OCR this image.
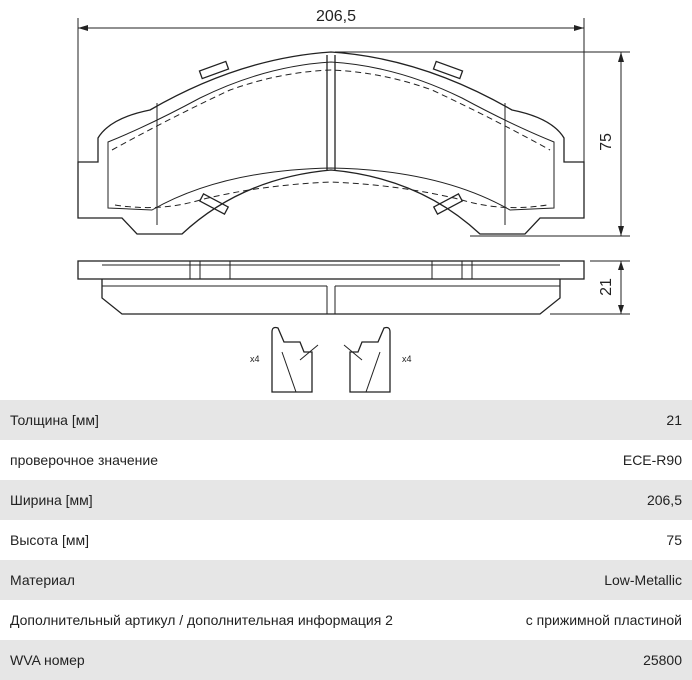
206,5
75
21
x4	x4
Толщина [мм]	21
проверочное значение	ECE-R90
Ширина [мм]	206,5
Высота [мм]	75
Материал	Low-Metallic
Дополнительный артикул / дополнительная информация 2	с прижимной пластиной
WVA номер	25800
